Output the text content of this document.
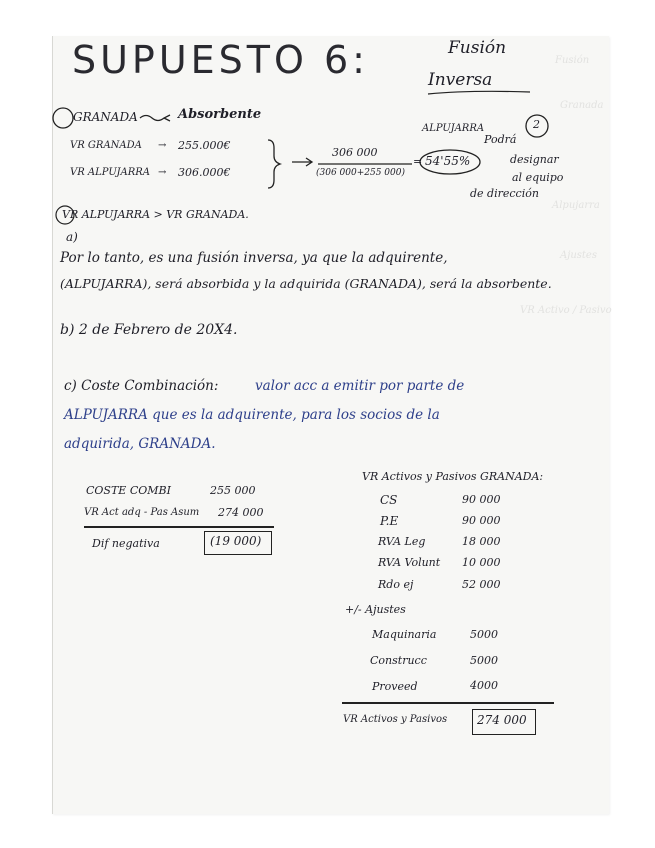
Fusión
Granada
Alpujarra
Ajustes
VR Activo / Pasivo
SUPUESTO 6:	Fusión
Inversa
GRANADA	Absorbente
VR GRANADA → 255.000€
VR ALPUJARRA → 306.000€
306 000
(306 000+255 000)
= 54'55%
ALPUJARRA	2
Podrá
designar
al equipo
de dirección
VR ALPUJARRA > VR GRANADA.
a)
Por lo tanto, es una fusión inversa, ya que la adquirente,
(ALPUJARRA), será absorbida y la adquirida (GRANADA), será la absorbente.
b) 2 de Febrero de 20X4.
c) Coste Combinación:	valor acc a emitir por parte de
ALPUJARRA que es la adquirente, para los socios de la
adquirida, GRANADA.
COSTE COMBI	255 000
VR Act adq - Pas Asum 274 000
Dif negativa	(19 000)
VR Activos y Pasivos GRANADA:
CS	90 000
P.E	90 000
RVA Leg	18 000
RVA Volunt 10 000
Rdo ej	52 000
+/- Ajustes
Maquinaria	5000
Construcc	5000
Proveed	4000
VR Activos y Pasivos 274 000
